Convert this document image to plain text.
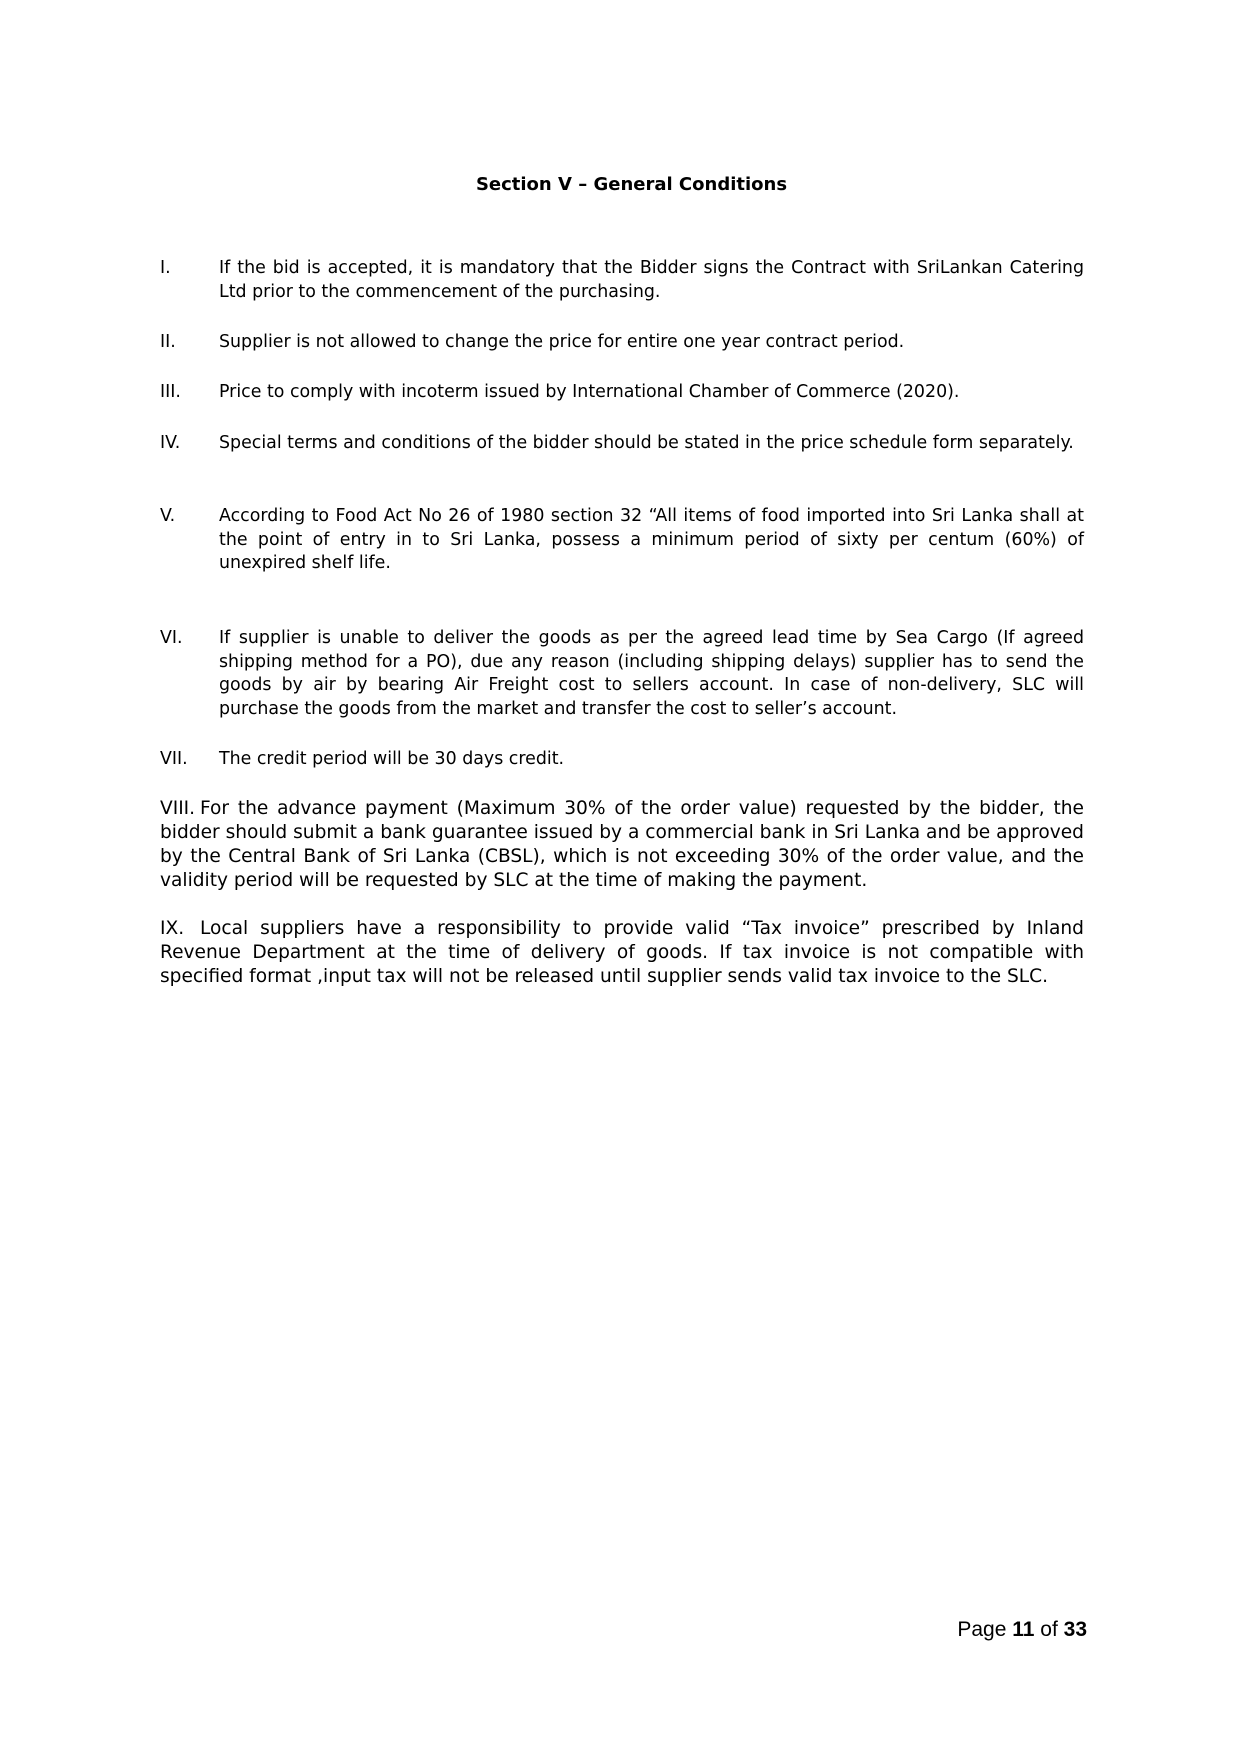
Section V – General Conditions
I.	If the bid is accepted, it is mandatory that the Bidder signs the Contract with SriLankan Catering Ltd prior to the commencement of the purchasing.
II. Supplier is not allowed to change the price for entire one year contract period.
III. Price to comply with incoterm issued by International Chamber of Commerce (2020).
IV. Special terms and conditions of the bidder should be stated in the price schedule form separately.
V.	According to Food Act No 26 of 1980 section 32 “All items of food imported into Sri Lanka shall at the point of entry in to Sri Lanka, possess a minimum period of sixty per centum (60%) of unexpired shelf life.
VI. If supplier is unable to deliver the goods as per the agreed lead time by Sea Cargo (If agreed shipping method for a PO), due any reason (including shipping delays) supplier has to send the goods by air by bearing Air Freight cost to sellers account. In case of non-delivery, SLC will purchase the goods from the market and transfer the cost to seller’s account.
VII. The credit period will be 30 days credit.
VIII. For the advance payment (Maximum 30% of the order value) requested by the bidder, the bidder should submit a bank guarantee issued by a commercial bank in Sri Lanka and be approved by the Central Bank of Sri Lanka (CBSL), which is not exceeding 30% of the order value, and the validity period will be requested by SLC at the time of making the payment.
IX. Local suppliers have a responsibility to provide valid “Tax invoice” prescribed by Inland Revenue Department at the time of delivery of goods. If tax invoice is not compatible with specified format ,input tax will not be released until supplier sends valid tax invoice to the SLC.
Page 11 of 33
